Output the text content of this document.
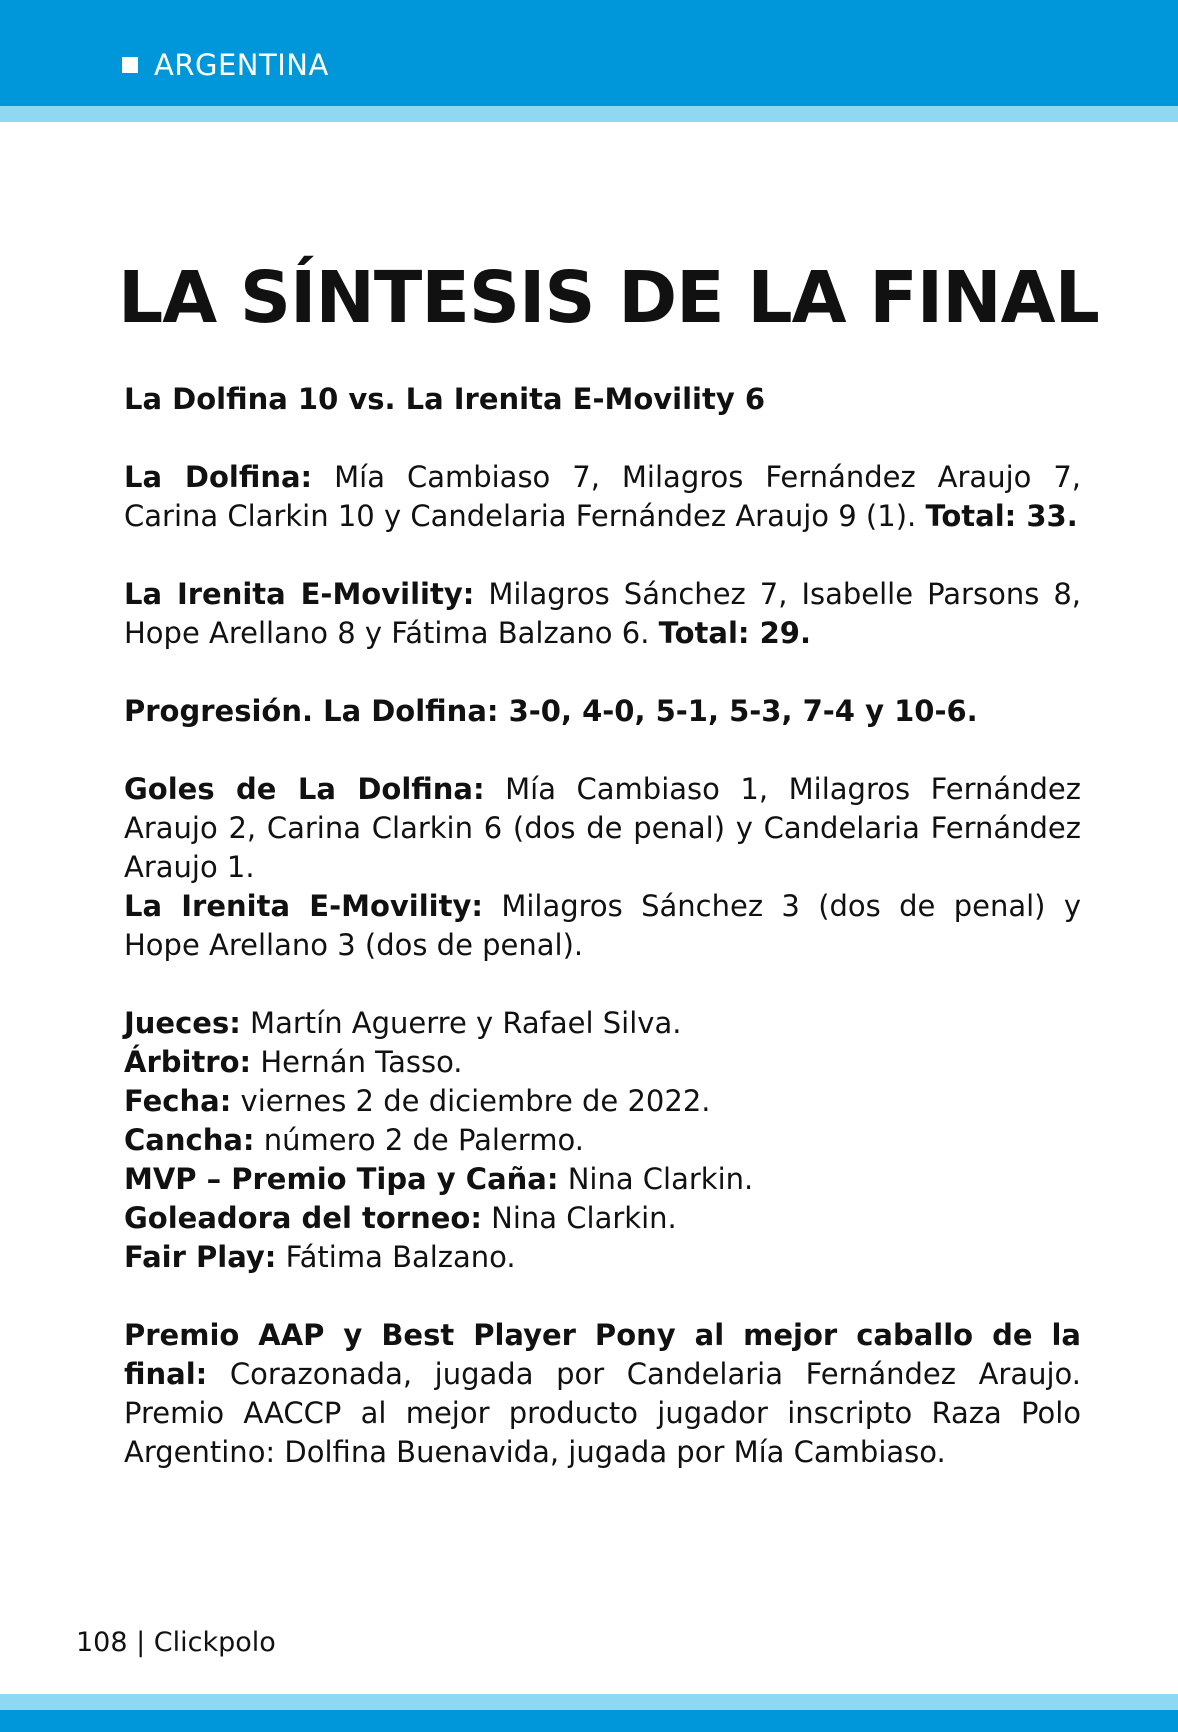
ARGENTINA
LA SÍNTESIS DE LA FINAL

La Dolfina 10 vs. La Irenita E-Movility 6

La Dolfina: Mía Cambiaso 7, Milagros Fernández Araujo 7, Carina Clarkin 10 y Candelaria Fernández Araujo 9 (1). Total: 33.

La Irenita E-Movility: Milagros Sánchez 7, Isabelle Parsons 8, Hope Arellano 8 y Fátima Balzano 6. Total: 29.

Progresión. La Dolfina: 3-0, 4-0, 5-1, 5-3, 7-4 y 10-6.

Goles de La Dolfina: Mía Cambiaso 1, Milagros Fernández Araujo 2, Carina Clarkin 6 (dos de penal) y Candelaria Fernández Araujo 1.

La Irenita E-Movility: Milagros Sánchez 3 (dos de penal) y Hope Arellano 3 (dos de penal).

Jueces: Martín Aguerre y Rafael Silva.

Árbitro: Hernán Tasso.

Fecha: viernes 2 de diciembre de 2022.

Cancha: número 2 de Palermo.

MVP – Premio Tipa y Caña: Nina Clarkin.

Goleadora del torneo: Nina Clarkin.

Fair Play: Fátima Balzano.

Premio AAP y Best Player Pony al mejor caballo de la final: Corazonada, jugada por Candelaria Fernández Araujo. Premio AACCP al mejor producto jugador inscripto Raza Polo Argentino: Dolfina Buenavida, jugada por Mía Cambiaso.

108 | Clickpolo
